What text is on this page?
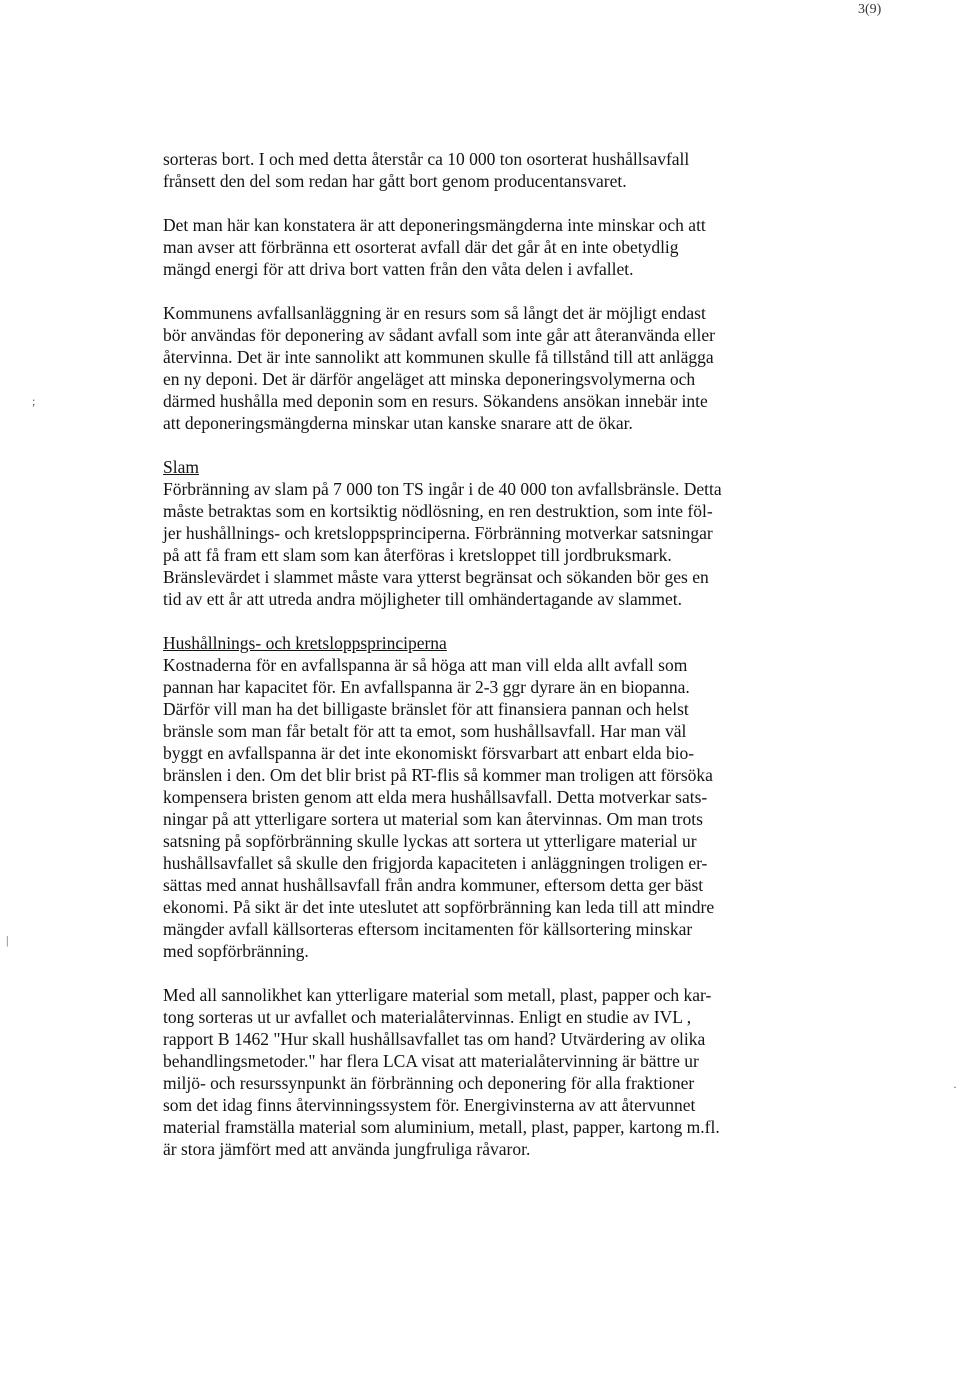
3(9)
;
|
·
sorteras bort. I och med detta återstår ca 10 000 ton osorterat hushållsavfall
frånsett den del som redan har gått bort genom producentansvaret.
Det man här kan konstatera är att deponeringsmängderna inte minskar och att
man avser att förbränna ett osorterat avfall där det går åt en inte obetydlig
mängd energi för att driva bort vatten från den våta delen i avfallet.
Kommunens avfallsanläggning är en resurs som så långt det är möjligt endast
bör användas för deponering av sådant avfall som inte går att återanvända eller
återvinna. Det är inte sannolikt att kommunen skulle få tillstånd till att anlägga
en ny deponi. Det är därför angeläget att minska deponeringsvolymerna och
därmed hushålla med deponin som en resurs. Sökandens ansökan innebär inte
att deponeringsmängderna minskar utan kanske snarare att de ökar.
Slam
Förbränning av slam på 7 000 ton TS ingår i de 40 000 ton avfallsbränsle. Detta
måste betraktas som en kortsiktig nödlösning, en ren destruktion, som inte föl-
jer hushållnings- och kretsloppsprinciperna. Förbränning motverkar satsningar
på att få fram ett slam som kan återföras i kretsloppet till jordbruksmark.
Bränslevärdet i slammet måste vara ytterst begränsat och sökanden bör ges en
tid av ett år att utreda andra möjligheter till omhändertagande av slammet.
Hushållnings- och kretsloppsprinciperna
Kostnaderna för en avfallspanna är så höga att man vill elda allt avfall som
pannan har kapacitet för. En avfallspanna är 2-3 ggr dyrare än en biopanna.
Därför vill man ha det billigaste bränslet för att finansiera pannan och helst
bränsle som man får betalt för att ta emot, som hushållsavfall. Har man väl
byggt en avfallspanna är det inte ekonomiskt försvarbart att enbart elda bio-
bränslen i den. Om det blir brist på RT-flis så kommer man troligen att försöka
kompensera bristen genom att elda mera hushållsavfall. Detta motverkar sats-
ningar på att ytterligare sortera ut material som kan återvinnas. Om man trots
satsning på sopförbränning skulle lyckas att sortera ut ytterligare material ur
hushållsavfallet så skulle den frigjorda kapaciteten i anläggningen troligen er-
sättas med annat hushållsavfall från andra kommuner, eftersom detta ger bäst
ekonomi. På sikt är det inte uteslutet att sopförbränning kan leda till att mindre
mängder avfall källsorteras eftersom incitamenten för källsortering minskar
med sopförbränning.
Med all sannolikhet kan ytterligare material som metall, plast, papper och kar-
tong sorteras ut ur avfallet och materialåtervinnas. Enligt en studie av IVL ,
rapport B 1462 "Hur skall hushållsavfallet tas om hand? Utvärdering av olika
behandlingsmetoder." har flera LCA visat att materialåtervinning är bättre ur
miljö- och resurssynpunkt än förbränning och deponering för alla fraktioner
som det idag finns återvinningssystem för. Energivinsterna av att återvunnet
material framställa material som aluminium, metall, plast, papper, kartong m.fl.
är stora jämfört med att använda jungfruliga råvaror.
